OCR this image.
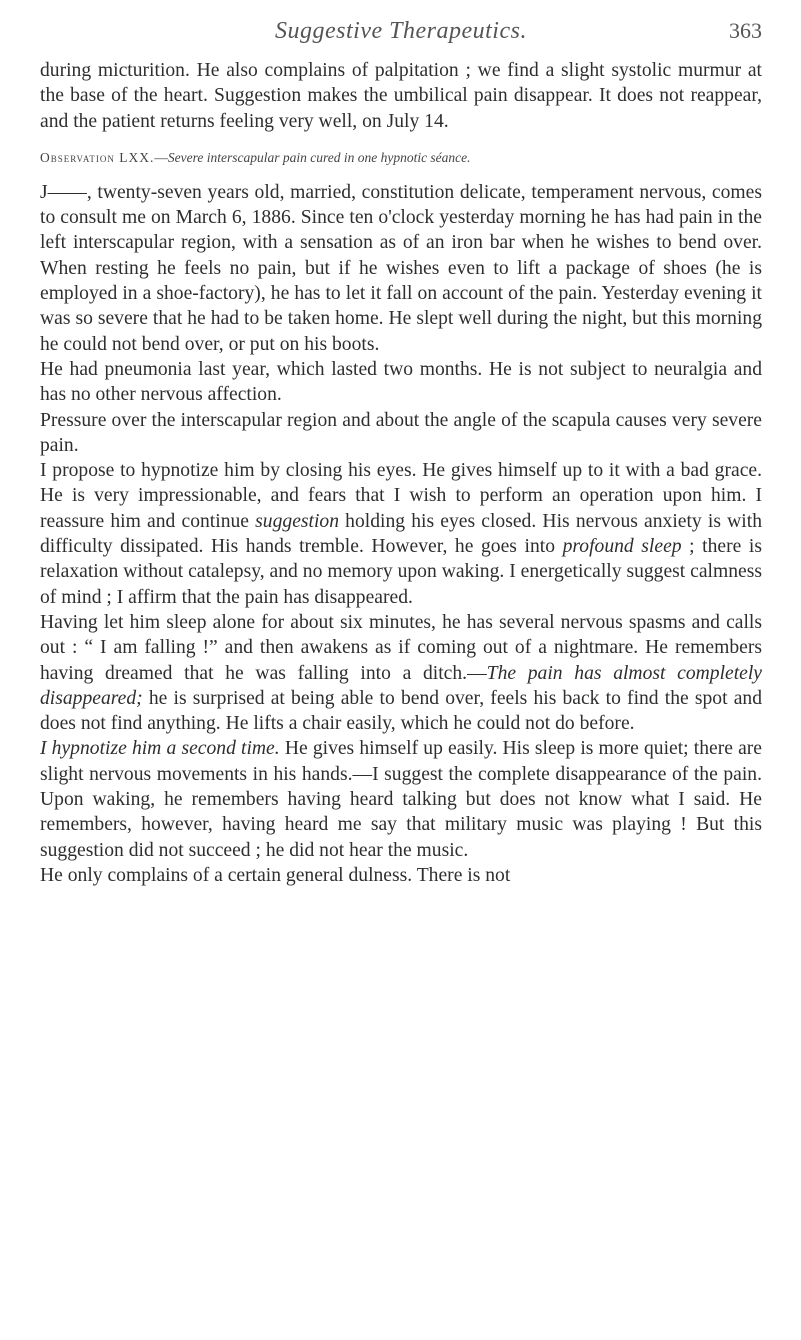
Suggestive Therapeutics.	363

during micturition. He also complains of palpitation ; we find a slight systolic murmur at the base of the heart. Suggestion makes the umbilical pain disappear. It does not reappear, and the patient returns feeling very well, on July 14.

Observation LXX.—Severe interscapular pain cured in one hypnotic séance.

J——, twenty-seven years old, married, constitution delicate, temperament nervous, comes to consult me on March 6, 1886. Since ten o'clock yesterday morning he has had pain in the left interscapular region, with a sensation as of an iron bar when he wishes to bend over. When resting he feels no pain, but if he wishes even to lift a package of shoes (he is employed in a shoe-factory), he has to let it fall on account of the pain. Yesterday evening it was so severe that he had to be taken home. He slept well during the night, but this morning he could not bend over, or put on his boots.

He had pneumonia last year, which lasted two months. He is not subject to neuralgia and has no other nervous affection.

Pressure over the interscapular region and about the angle of the scapula causes very severe pain.

I propose to hypnotize him by closing his eyes. He gives himself up to it with a bad grace. He is very impressionable, and fears that I wish to perform an operation upon him. I reassure him and continue suggestion holding his eyes closed. His nervous anxiety is with difficulty dissipated. His hands tremble. However, he goes into profound sleep ; there is relaxation without catalepsy, and no memory upon waking. I energetically suggest calmness of mind ; I affirm that the pain has disappeared.

Having let him sleep alone for about six minutes, he has several nervous spasms and calls out : “ I am falling !” and then awakens as if coming out of a nightmare. He remembers having dreamed that he was falling into a ditch.—The pain has almost completely disappeared; he is surprised at being able to bend over, feels his back to find the spot and does not find anything. He lifts a chair easily, which he could not do before.

I hypnotize him a second time. He gives himself up easily. His sleep is more quiet; there are slight nervous movements in his hands.—I suggest the complete disappearance of the pain. Upon waking, he remembers having heard talking but does not know what I said. He remembers, however, having heard me say that military music was playing ! But this suggestion did not succeed ; he did not hear the music.

He only complains of a certain general dulness. There is not
